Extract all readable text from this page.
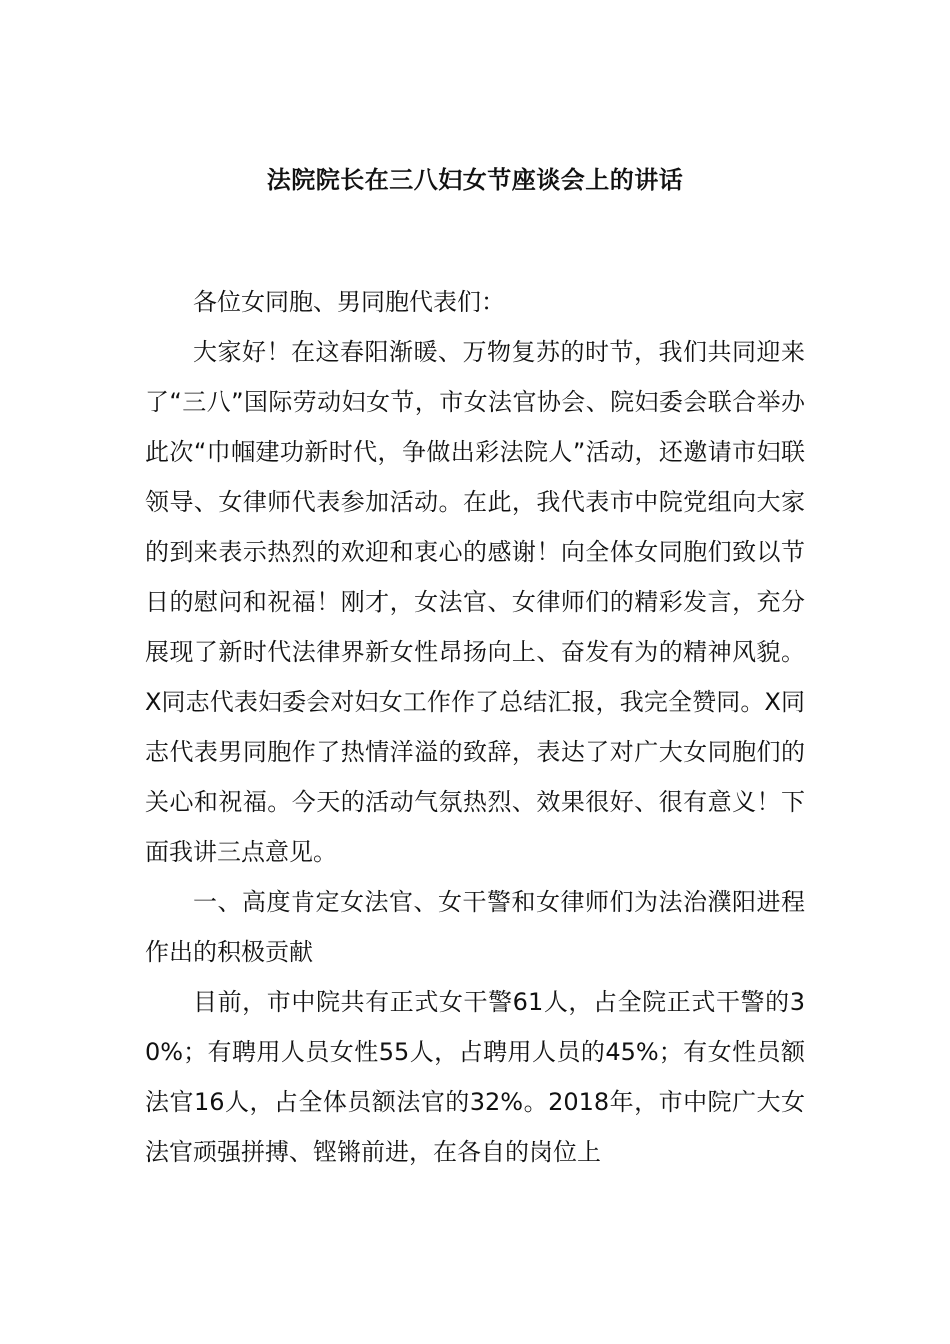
法院院长在三八妇女节座谈会上的讲话

各位女同胞、男同胞代表们：

大家好！在这春阳渐暖、万物复苏的时节，我们共同迎来了“三八”国际劳动妇女节，市女法官协会、院妇委会联合举办此次“巾帼建功新时代，争做出彩法院人”活动，还邀请市妇联领导、女律师代表参加活动。在此，我代表市中院党组向大家的到来表示热烈的欢迎和衷心的感谢！向全体女同胞们致以节日的慰问和祝福！刚才，女法官、女律师们的精彩发言，充分展现了新时代法律界新女性昂扬向上、奋发有为的精神风貌。X同志代表妇委会对妇女工作作了总结汇报，我完全赞同。X同志代表男同胞作了热情洋溢的致辞，表达了对广大女同胞们的关心和祝福。今天的活动气氛热烈、效果很好、很有意义！下面我讲三点意见。

一、高度肯定女法官、女干警和女律师们为法治濮阳进程作出的积极贡献

目前，市中院共有正式女干警61人，占全院正式干警的30%；有聘用人员女性55人，占聘用人员的45%；有女性员额法官16人，占全体员额法官的32%。2018年，市中院广大女法官顽强拼搏、铿锵前进，在各自的岗位上
